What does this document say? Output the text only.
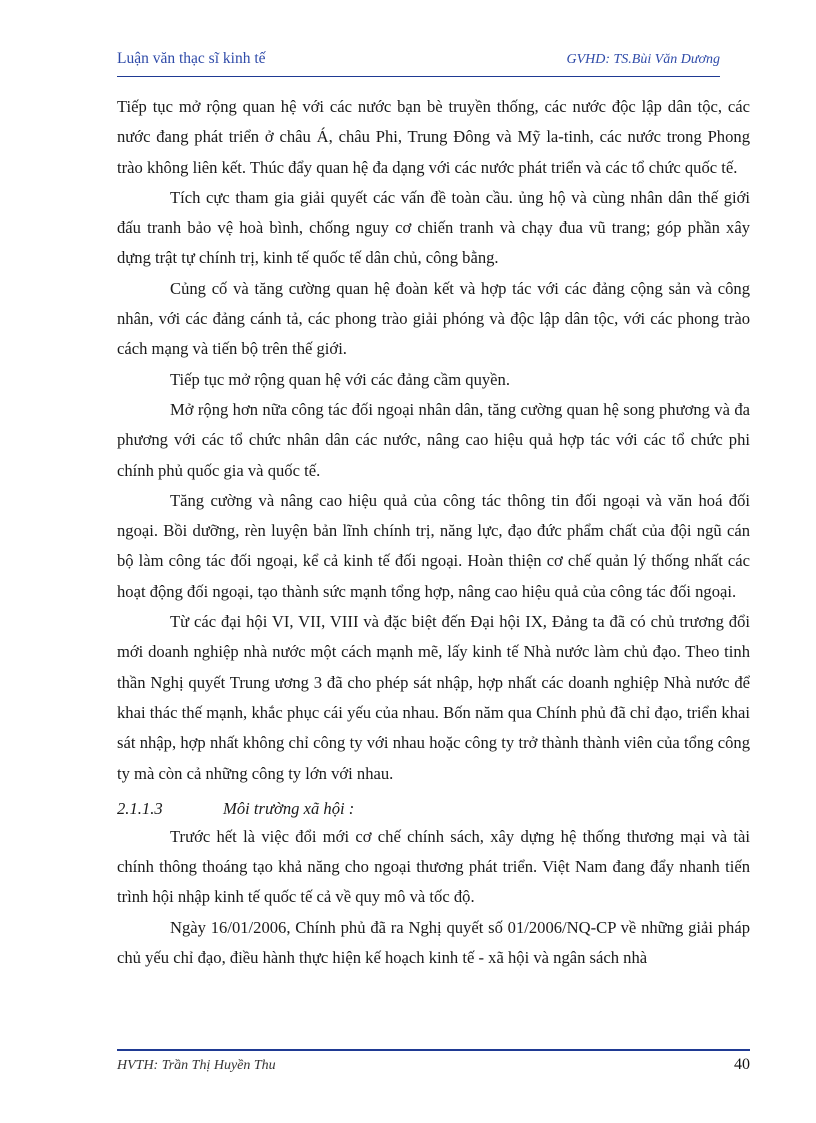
Luận văn thạc sĩ kinh tế	GVHD: TS.Bùi Văn Dương

Tiếp tục mở rộng quan hệ với các nước bạn bè truyền thống, các nước độc lập dân tộc, các nước đang phát triển ở châu Á, châu Phi, Trung Đông và Mỹ la-tinh, các nước trong Phong trào không liên kết. Thúc đẩy quan hệ đa dạng với các nước phát triển và các tổ chức quốc tế.

Tích cực tham gia giải quyết các vấn đề toàn cầu. ủng hộ và cùng nhân dân thế giới đấu tranh bảo vệ hoà bình, chống nguy cơ chiến tranh và chạy đua vũ trang; góp phần xây dựng trật tự chính trị, kinh tế quốc tế dân chủ, công bằng.

Củng cố và tăng cường quan hệ đoàn kết và hợp tác với các đảng cộng sản và công nhân, với các đảng cánh tả, các phong trào giải phóng và độc lập dân tộc, với các phong trào cách mạng và tiến bộ trên thế giới.

Tiếp tục mở rộng quan hệ với các đảng cầm quyền.

Mở rộng hơn nữa công tác đối ngoại nhân dân, tăng cường quan hệ song phương và đa phương với các tổ chức nhân dân các nước, nâng cao hiệu quả hợp tác với các tổ chức phi chính phủ quốc gia và quốc tế.

Tăng cường và nâng cao hiệu quả của công tác thông tin đối ngoại và văn hoá đối ngoại. Bồi dưỡng, rèn luyện bản lĩnh chính trị, năng lực, đạo đức phẩm chất của đội ngũ cán bộ làm công tác đối ngoại, kể cả kinh tế đối ngoại. Hoàn thiện cơ chế quản lý thống nhất các hoạt động đối ngoại, tạo thành sức mạnh tổng hợp, nâng cao hiệu quả của công tác đối ngoại.

Từ các đại hội VI, VII, VIII và đặc biệt đến Đại hội IX, Đảng ta đã có chủ trương đổi mới doanh nghiệp nhà nước một cách mạnh mẽ, lấy kinh tế Nhà nước làm chủ đạo. Theo tinh thần Nghị quyết Trung ương 3 đã cho phép sát nhập, hợp nhất các doanh nghiệp Nhà nước để khai thác thế mạnh, khắc phục cái yếu của nhau. Bốn năm qua Chính phủ đã chỉ đạo, triển khai sát nhập, hợp nhất không chỉ công ty với nhau hoặc công ty trở thành thành viên của tổng công ty mà còn cả những công ty lớn với nhau.

2.1.1.3	Môi trường xã hội :

Trước hết là việc đổi mới cơ chế chính sách, xây dựng hệ thống thương mại và tài chính thông thoáng tạo khả năng cho ngoại thương phát triển. Việt Nam đang đẩy nhanh tiến trình hội nhập kinh tế quốc tế cả về quy mô và tốc độ.

Ngày 16/01/2006, Chính phủ đã ra Nghị quyết số 01/2006/NQ-CP về những giải pháp chủ yếu chỉ đạo, điều hành thực hiện kế hoạch kinh tế - xã hội và ngân sách nhà

HVTH: Trần Thị Huyền Thu	40
